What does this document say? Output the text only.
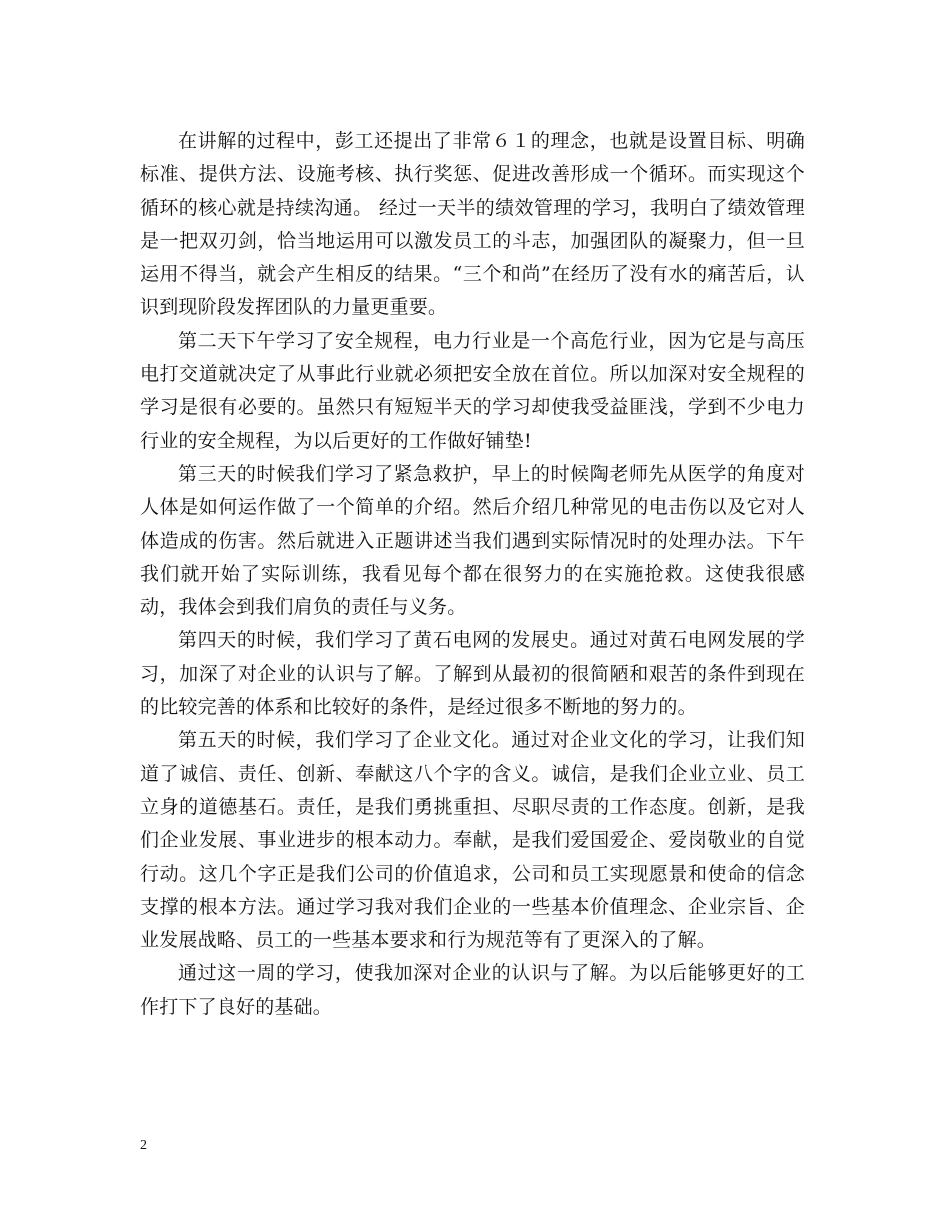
在讲解的过程中，彭工还提出了非常６１的理念，也就是设置目标、明确标准、提供方法、设施考核、执行奖惩、促进改善形成一个循环。而实现这个循环的核心就是持续沟通。 经过一天半的绩效管理的学习，我明白了绩效管理是一把双刃剑，恰当地运用可以激发员工的斗志，加强团队的凝聚力，但一旦运用不得当，就会产生相反的结果。“三个和尚”在经历了没有水的痛苦后，认识到现阶段发挥团队的力量更重要。

第二天下午学习了安全规程，电力行业是一个高危行业，因为它是与高压电打交道就决定了从事此行业就必须把安全放在首位。所以加深对安全规程的学习是很有必要的。虽然只有短短半天的学习却使我受益匪浅，学到不少电力行业的安全规程，为以后更好的工作做好铺垫!

第三天的时候我们学习了紧急救护，早上的时候陶老师先从医学的角度对人体是如何运作做了一个简单的介绍。然后介绍几种常见的电击伤以及它对人体造成的伤害。然后就进入正题讲述当我们遇到实际情况时的处理办法。下午我们就开始了实际训练，我看见每个都在很努力的在实施抢救。这使我很感动，我体会到我们肩负的责任与义务。

第四天的时候，我们学习了黄石电网的发展史。通过对黄石电网发展的学习，加深了对企业的认识与了解。了解到从最初的很简陋和艰苦的条件到现在的比较完善的体系和比较好的条件，是经过很多不断地的努力的。

第五天的时候，我们学习了企业文化。通过对企业文化的学习，让我们知道了诚信、责任、创新、奉献这八个字的含义。诚信，是我们企业立业、员工立身的道德基石。责任，是我们勇挑重担、尽职尽责的工作态度。创新，是我们企业发展、事业进步的根本动力。奉献，是我们爱国爱企、爱岗敬业的自觉行动。这几个字正是我们公司的价值追求，公司和员工实现愿景和使命的信念支撑的根本方法。通过学习我对我们企业的一些基本价值理念、企业宗旨、企业发展战略、员工的一些基本要求和行为规范等有了更深入的了解。

通过这一周的学习，使我加深对企业的认识与了解。为以后能够更好的工作打下了良好的基础。

2
